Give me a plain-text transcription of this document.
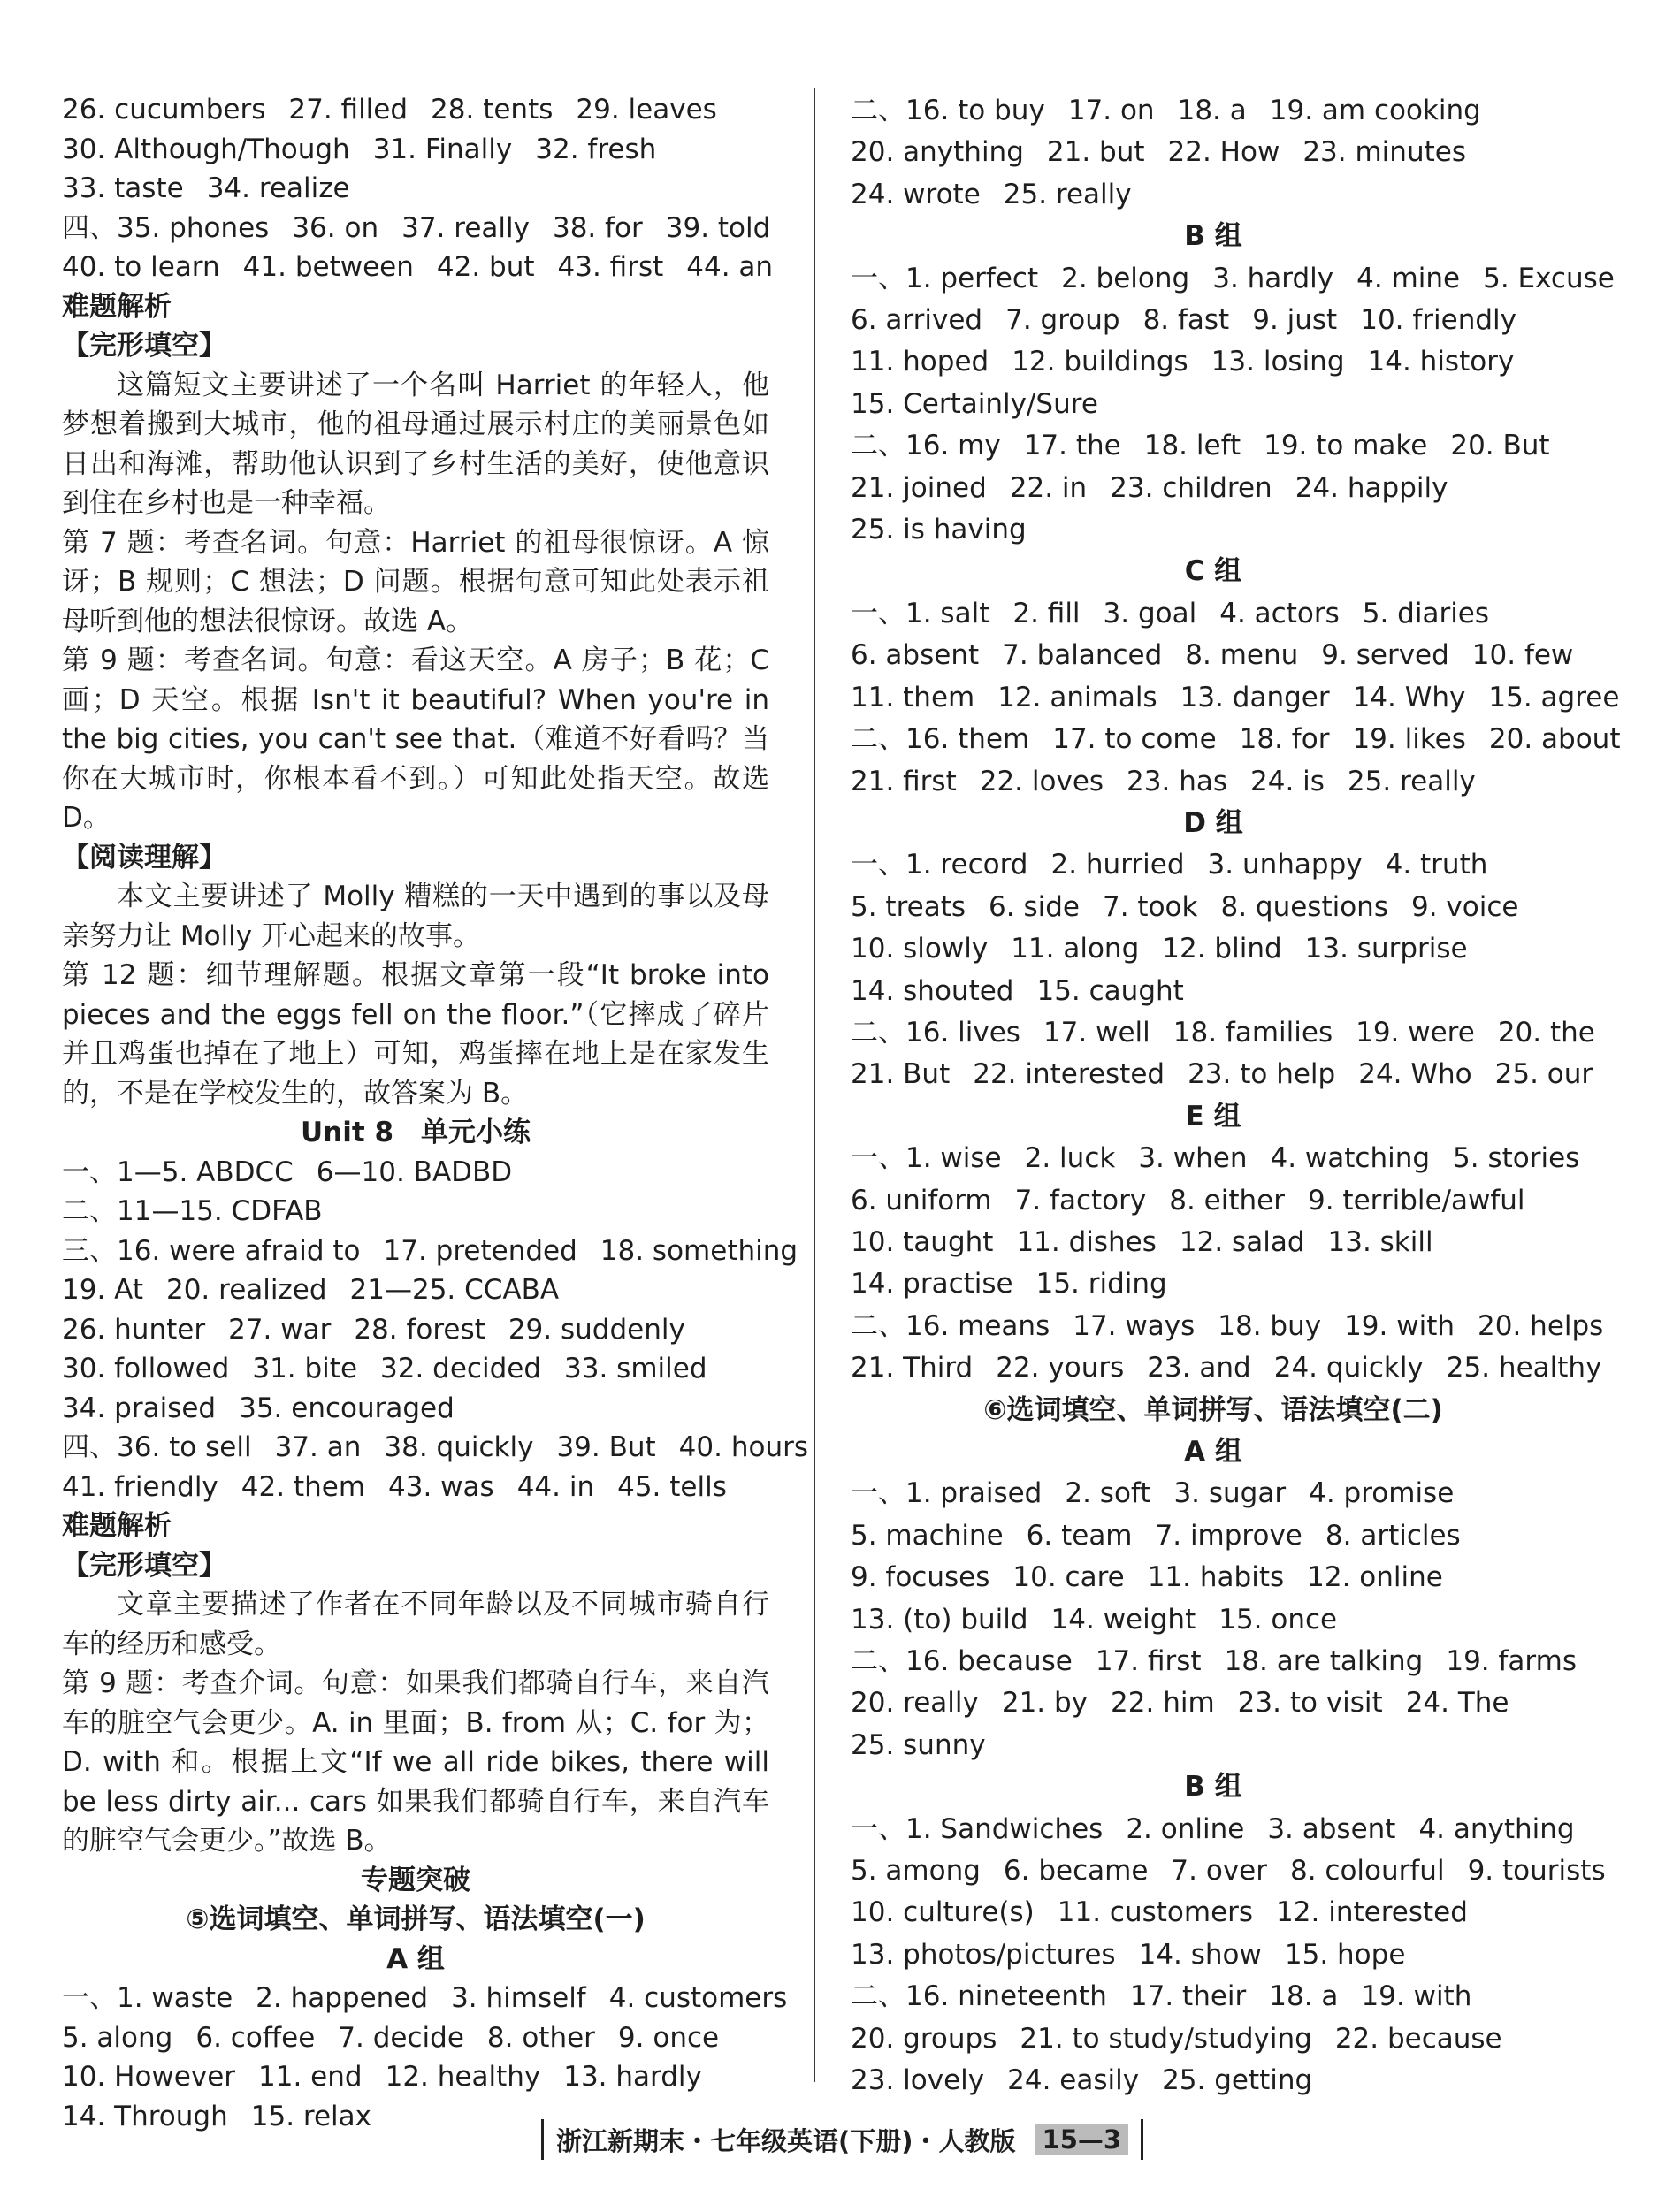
26. cucumbers 27. filled 28. tents 29. leaves
30. Although/Though 31. Finally 32. fresh
33. taste 34. realize
四、35. phones 36. on 37. really 38. for 39. told
40. to learn 41. between 42. but 43. first 44. an
难题解析
【完形填空】
这篇短文主要讲述了一个名叫 Harriet 的年轻人，他梦想着搬到大城市，他的祖母通过展示村庄的美丽景色如日出和海滩，帮助他认识到了乡村生活的美好，使他意识到住在乡村也是一种幸福。
第 7 题：考查名词。句意：Harriet 的祖母很惊讶。A 惊讶；B 规则；C 想法；D 问题。根据句意可知此处表示祖母听到他的想法很惊讶。故选 A。
第 9 题：考查名词。句意：看这天空。A 房子；B 花；C 画；D 天空。根据 Isn't it beautiful? When you're in the big cities, you can't see that.（难道不好看吗？当你在大城市时，你根本看不到。）可知此处指天空。故选 D。
【阅读理解】
本文主要讲述了 Molly 糟糕的一天中遇到的事以及母亲努力让 Molly 开心起来的故事。
第 12 题：细节理解题。根据文章第一段“It broke into pieces and the eggs fell on the floor.”（它摔成了碎片并且鸡蛋也掉在了地上）可知，鸡蛋摔在地上是在家发生的，不是在学校发生的，故答案为 B。
Unit 8　单元小练
一、1—5. ABDCC 6—10. BADBD
二、11—15. CDFAB
三、16. were afraid to 17. pretended 18. something
19. At 20. realized 21—25. CCABA
26. hunter 27. war 28. forest 29. suddenly
30. followed 31. bite 32. decided 33. smiled
34. praised 35. encouraged
四、36. to sell 37. an 38. quickly 39. But 40. hours
41. friendly 42. them 43. was 44. in 45. tells
难题解析
【完形填空】
文章主要描述了作者在不同年龄以及不同城市骑自行车的经历和感受。
第 9 题：考查介词。句意：如果我们都骑自行车，来自汽车的脏空气会更少。A. in 里面；B. from 从；C. for 为；D. with 和。根据上文“If we all ride bikes, there will be less dirty air... cars 如果我们都骑自行车，来自汽车的脏空气会更少。”故选 B。
专题突破
⑤选词填空、单词拼写、语法填空(一)
A 组
一、1. waste 2. happened 3. himself 4. customers
5. along 6. coffee 7. decide 8. other 9. once
10. However 11. end 12. healthy 13. hardly
14. Through 15. relax
二、16. to buy 17. on 18. a 19. am cooking
20. anything 21. but 22. How 23. minutes
24. wrote 25. really
B 组
一、1. perfect 2. belong 3. hardly 4. mine 5. Excuse
6. arrived 7. group 8. fast 9. just 10. friendly
11. hoped 12. buildings 13. losing 14. history
15. Certainly/Sure
二、16. my 17. the 18. left 19. to make 20. But
21. joined 22. in 23. children 24. happily
25. is having
C 组
一、1. salt 2. fill 3. goal 4. actors 5. diaries
6. absent 7. balanced 8. menu 9. served 10. few
11. them 12. animals 13. danger 14. Why 15. agree
二、16. them 17. to come 18. for 19. likes 20. about
21. first 22. loves 23. has 24. is 25. really
D 组
一、1. record 2. hurried 3. unhappy 4. truth
5. treats 6. side 7. took 8. questions 9. voice
10. slowly 11. along 12. blind 13. surprise
14. shouted 15. caught
二、16. lives 17. well 18. families 19. were 20. the
21. But 22. interested 23. to help 24. Who 25. our
E 组
一、1. wise 2. luck 3. when 4. watching 5. stories
6. uniform 7. factory 8. either 9. terrible/awful
10. taught 11. dishes 12. salad 13. skill
14. practise 15. riding
二、16. means 17. ways 18. buy 19. with 20. helps
21. Third 22. yours 23. and 24. quickly 25. healthy
⑥选词填空、单词拼写、语法填空(二)
A 组
一、1. praised 2. soft 3. sugar 4. promise
5. machine 6. team 7. improve 8. articles
9. focuses 10. care 11. habits 12. online
13. (to) build 14. weight 15. once
二、16. because 17. first 18. are talking 19. farms
20. really 21. by 22. him 23. to visit 24. The
25. sunny
B 组
一、1. Sandwiches 2. online 3. absent 4. anything
5. among 6. became 7. over 8. colourful 9. tourists
10. culture(s) 11. customers 12. interested
13. photos/pictures 14. show 15. hope
二、16. nineteenth 17. their 18. a 19. with
20. groups 21. to study/studying 22. because
23. lovely 24. easily 25. getting
浙江新期末・七年级英语(下册)・人教版 15—3
